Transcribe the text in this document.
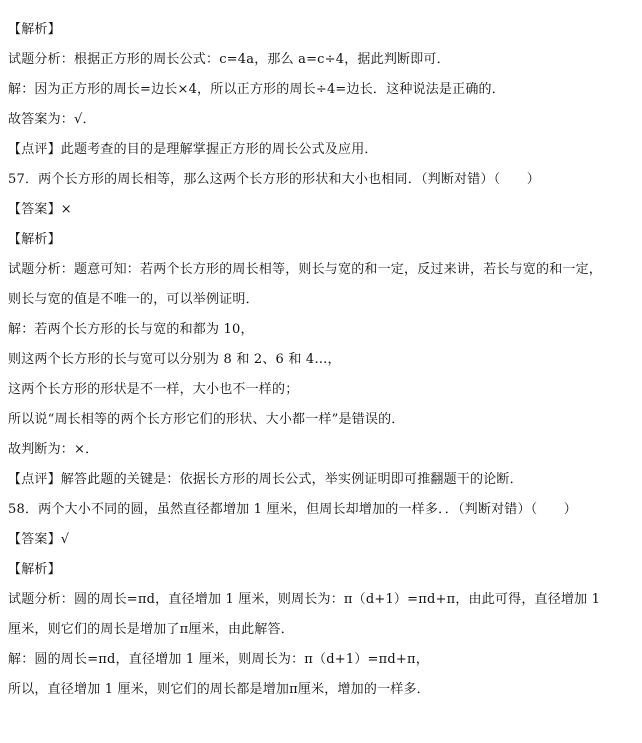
【解析】
试题分析：根据正方形的周长公式：c=4a，那么 a=c÷4，据此判断即可．
解：因为正方形的周长=边长×4，所以正方形的周长÷4=边长．这种说法是正确的．
故答案为：√．
【点评】此题考查的目的是理解掌握正方形的周长公式及应用．
57．两个长方形的周长相等，那么这两个长方形的形状和大小也相同．（判断对错）（　　）
【答案】×
【解析】
试题分析：题意可知：若两个长方形的周长相等，则长与宽的和一定，反过来讲，若长与宽的和一定，
则长与宽的值是不唯一的，可以举例证明．
解：若两个长方形的长与宽的和都为 10，
则这两个长方形的长与宽可以分别为 8 和 2、6 和 4…，
这两个长方形的形状是不一样，大小也不一样的；
所以说“周长相等的两个长方形它们的形状、大小都一样”是错误的．
故判断为：×．
【点评】解答此题的关键是：依据长方形的周长公式，举实例证明即可推翻题干的论断．
58．两个大小不同的圆，虽然直径都增加 1 厘米，但周长却增加的一样多．．（判断对错）（　　）
【答案】√
【解析】
试题分析：圆的周长=πd，直径增加 1 厘米，则周长为：π（d+1）=πd+π，由此可得，直径增加 1
厘米，则它们的周长是增加了π厘米，由此解答．
解：圆的周长=πd，直径增加 1 厘米，则周长为：π（d+1）=πd+π，
所以，直径增加 1 厘米，则它们的周长都是增加π厘米，增加的一样多．
